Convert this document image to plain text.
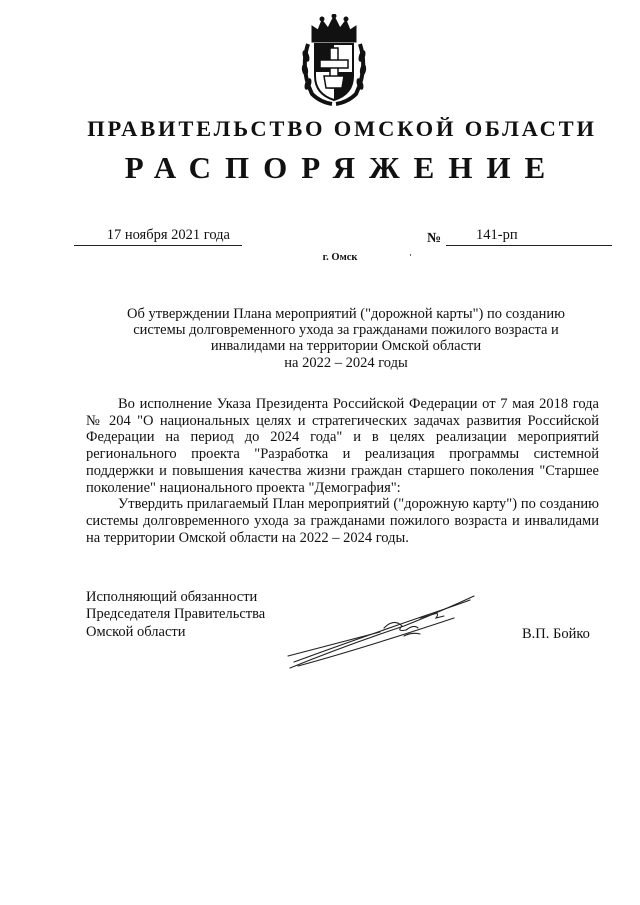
ПРАВИТЕЛЬСТВО ОМСКОЙ ОБЛАСТИ
РАСПОРЯЖЕНИЕ
17 ноября 2021 года	№	141-рп
г. Омск
Об утверждении Плана мероприятий ("дорожной карты") по созданию
системы долговременного ухода за гражданами пожилого возраста и
инвалидами на территории Омской области
на 2022 – 2024 годы

Во исполнение Указа Президента Российской Федерации от 7 мая 2018 года № 204 "О национальных целях и стратегических задачах развития Российской Федерации на период до 2024 года" и в целях реализации мероприятий регионального проекта "Разработка и реализация программы системной поддержки и повышения качества жизни граждан старшего поколения "Старшее поколение" национального проекта "Демография":

Утвердить прилагаемый План мероприятий ("дорожную карту") по созданию системы долговременного ухода за гражданами пожилого возраста и инвалидами на территории Омской области на 2022 – 2024 годы.

Исполняющий обязанности
Председателя Правительства
Омской области	В.П. Бойко
